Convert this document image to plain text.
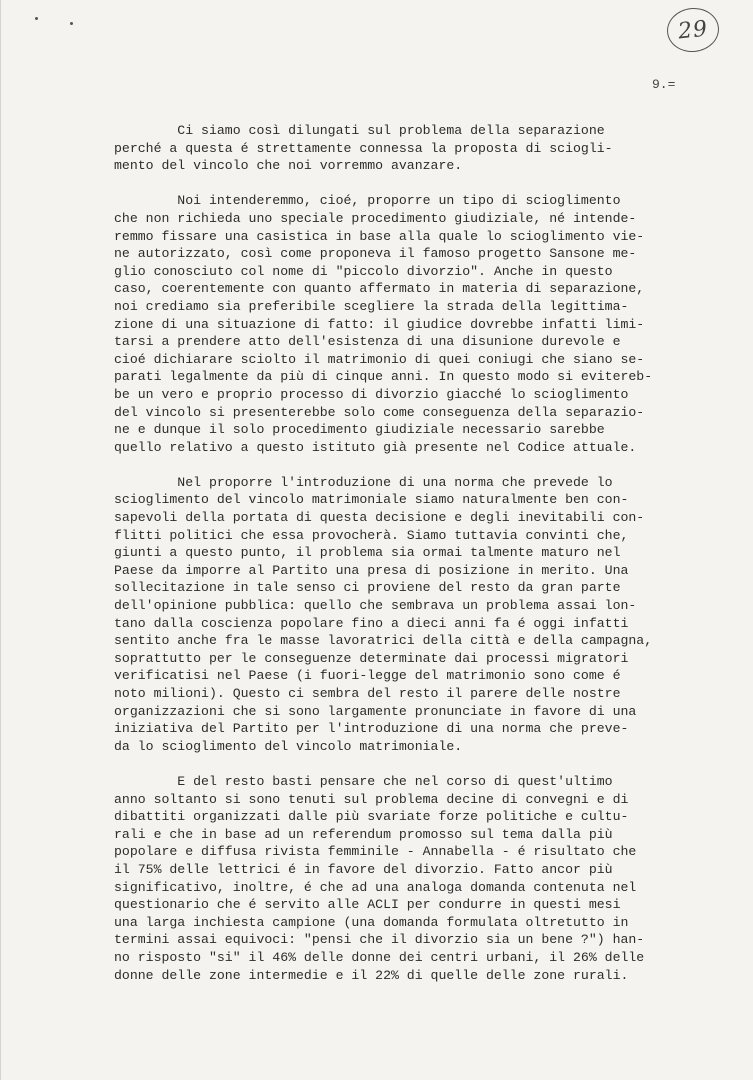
29
9.=
Ci siamo così dilungati sul problema della separazione
perché a questa é strettamente connessa la proposta di sciogli-
mento del vincolo che noi vorremmo avanzare.
Noi intenderemmo, cioé, proporre un tipo di scioglimento
che non richieda uno speciale procedimento giudiziale, né intende-
remmo fissare una casistica in base alla quale lo scioglimento vie-
ne autorizzato, così come proponeva il famoso progetto Sansone me-
glio conosciuto col nome di "piccolo divorzio". Anche in questo
caso, coerentemente con quanto affermato in materia di separazione,
noi crediamo sia preferibile scegliere la strada della legittima-
zione di una situazione di fatto: il giudice dovrebbe infatti limi-
tarsi a prendere atto dell'esistenza di una disunione durevole e
cioé dichiarare sciolto il matrimonio di quei coniugi che siano se-
parati legalmente da più di cinque anni. In questo modo si evitereb-
be un vero e proprio processo di divorzio giacché lo scioglimento
del vincolo si presenterebbe solo come conseguenza della separazio-
ne e dunque il solo procedimento giudiziale necessario sarebbe
quello relativo a questo istituto già presente nel Codice attuale.
Nel proporre l'introduzione di una norma che prevede lo
scioglimento del vincolo matrimoniale siamo naturalmente ben con-
sapevoli della portata di questa decisione e degli inevitabili con-
flitti politici che essa provocherà. Siamo tuttavia convinti che,
giunti a questo punto, il problema sia ormai talmente maturo nel
Paese da imporre al Partito una presa di posizione in merito. Una
sollecitazione in tale senso ci proviene del resto da gran parte
dell'opinione pubblica: quello che sembrava un problema assai lon-
tano dalla coscienza popolare fino a dieci anni fa é oggi infatti
sentito anche fra le masse lavoratrici della città e della campagna,
soprattutto per le conseguenze determinate dai processi migratori
verificatisi nel Paese (i fuori-legge del matrimonio sono come é
noto milioni). Questo ci sembra del resto il parere delle nostre
organizzazioni che si sono largamente pronunciate in favore di una
iniziativa del Partito per l'introduzione di una norma che preve-
da lo scioglimento del vincolo matrimoniale.
E del resto basti pensare che nel corso di quest'ultimo
anno soltanto si sono tenuti sul problema decine di convegni e di
dibattiti organizzati dalle più svariate forze politiche e cultu-
rali e che in base ad un referendum promosso sul tema dalla più
popolare e diffusa rivista femminile - Annabella - é risultato che
il 75% delle lettrici é in favore del divorzio. Fatto ancor più
significativo, inoltre, é che ad una analoga domanda contenuta nel
questionario che é servito alle ACLI per condurre in questi mesi
una larga inchiesta campione (una domanda formulata oltretutto in
termini assai equivoci: "pensi che il divorzio sia un bene ?") han-
no risposto "si" il 46% delle donne dei centri urbani, il 26% delle
donne delle zone intermedie e il 22% di quelle delle zone rurali.
